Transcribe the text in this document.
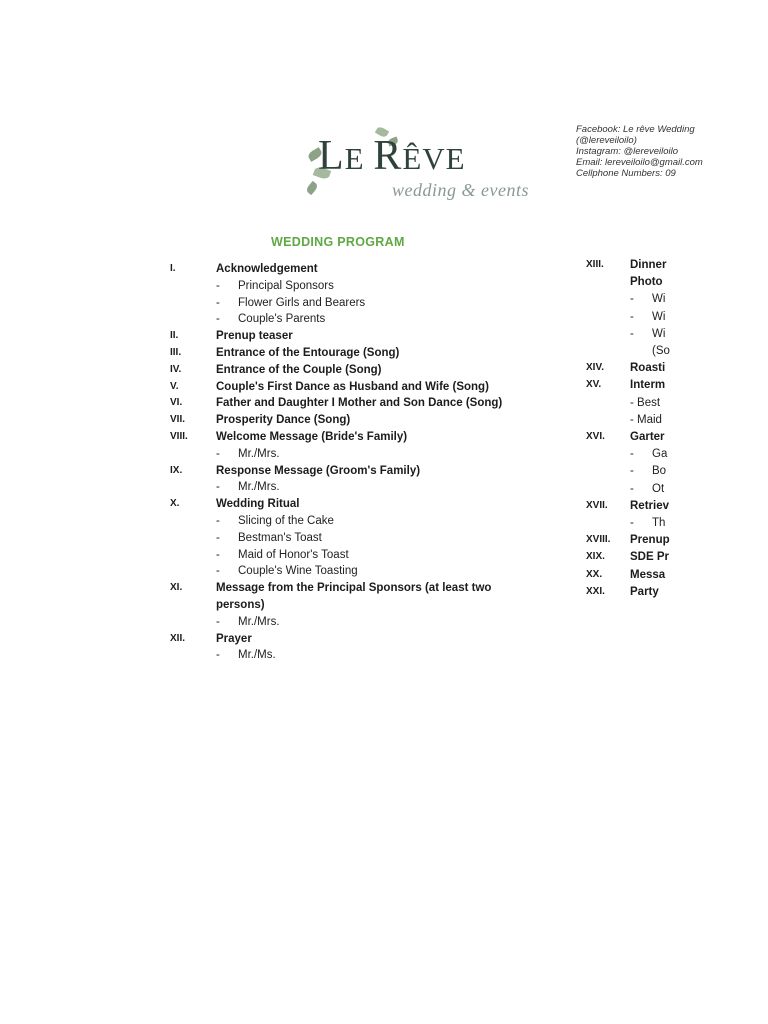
LE RÊVE
wedding & events
Facebook: Le rêve Wedding
(@lereveiloilo)
Instagram: @lereveiloilo
Email: lereveiloilo@gmail.com
Cellphone Numbers: 09
WEDDING PROGRAM
I.	Acknowledgement
- Principal Sponsors
- Flower Girls and Bearers
- Couple's Parents
II.	Prenup teaser
III.	Entrance of the Entourage (Song)
IV.	Entrance of the Couple (Song)
V.	Couple's First Dance as Husband and Wife (Song)
VI.	Father and Daughter I Mother and Son Dance (Song)
VII.	Prosperity Dance (Song)
VIII. Welcome Message (Bride's Family)
- Mr./Mrs.
IX.	Response Message (Groom's Family)
- Mr./Mrs.
X.	Wedding Ritual
- Slicing of the Cake
- Bestman's Toast
- Maid of Honor's Toast
- Couple's Wine Toasting
XI.	Message from the Principal Sponsors (at least two
persons)
- Mr./Mrs.
XII.	Prayer
- Mr./Ms.
XIII. Dinner
Photo
- Wi
- Wi
- Wi
(So
XIV. Roasti
XV.	Interm
- Best
- Maid
XVI. Garter
- Ga
- Bo
- Ot
XVII. Retriev
- Th
XVIII. Prenup
XIX. SDE Pr
XX. Messa
XXI. Party
